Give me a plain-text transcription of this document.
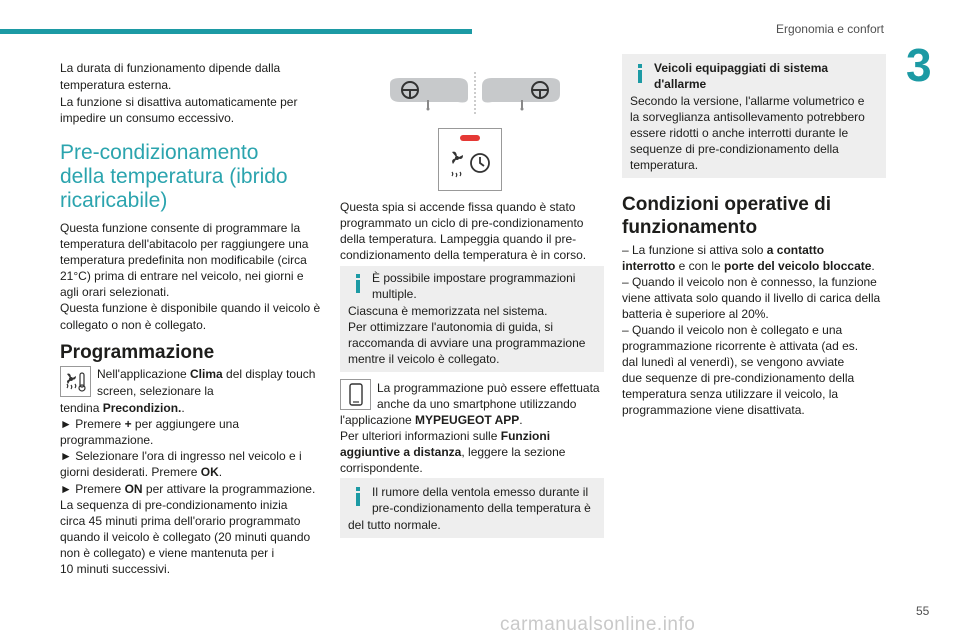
Ergonomia e confort
3
La durata di funzionamento dipende dalla
temperatura esterna.
La funzione si disattiva automaticamente per
impedire un consumo eccessivo.
Pre-condizionamento
della temperatura (ibrido
ricaricabile)
Questa funzione consente di programmare la
temperatura dell'abitacolo per raggiungere una
temperatura predefinita non modificabile (circa
21°C) prima di entrare nel veicolo, nei giorni e
agli orari selezionati.
Questa funzione è disponibile quando il veicolo è
collegato o non è collegato.
Programmazione
Nell'applicazione Clima del display touch
screen, selezionare la
tendina Precondizion..
► Premere + per aggiungere una
programmazione.
► Selezionare l'ora di ingresso nel veicolo e i
giorni desiderati. Premere OK.
► Premere ON per attivare la programmazione.
La sequenza di pre-condizionamento inizia
circa 45 minuti prima dell'orario programmato
quando il veicolo è collegato (20 minuti quando
non è collegato) e viene mantenuta per i
10 minuti successivi.
Questa spia si accende fissa quando è stato
programmato un ciclo di pre-condizionamento
della temperatura. Lampeggia quando il pre-
condizionamento della temperatura è in corso.
È possibile impostare programmazioni
multiple.
Ciascuna è memorizzata nel sistema.
Per ottimizzare l'autonomia di guida, si
raccomanda di avviare una programmazione
mentre il veicolo è collegato.
La programmazione può essere effettuata
anche da uno smartphone utilizzando
l'applicazione MYPEUGEOT APP.
Per ulteriori informazioni sulle Funzioni
aggiuntive a distanza, leggere la sezione
corrispondente.
Il rumore della ventola emesso durante il
pre-condizionamento della temperatura è
del tutto normale.
Veicoli equipaggiati di sistema
d'allarme
Secondo la versione, l'allarme volumetrico e
la sorveglianza antisollevamento potrebbero
essere ridotti o anche interrotti durante le
sequenze di pre-condizionamento della
temperatura.
Condizioni operative di
funzionamento
– La funzione si attiva solo a contatto
interrotto e con le porte del veicolo bloccate.
– Quando il veicolo non è connesso, la funzione
viene attivata solo quando il livello di carica della
batteria è superiore al 20%.
– Quando il veicolo non è collegato e una
programmazione ricorrente è attivata (ad es.
dal lunedì al venerdì), se vengono avviate
due sequenze di pre-condizionamento della
temperatura senza utilizzare il veicolo, la
programmazione viene disattivata.
55
carmanualsonline.info
